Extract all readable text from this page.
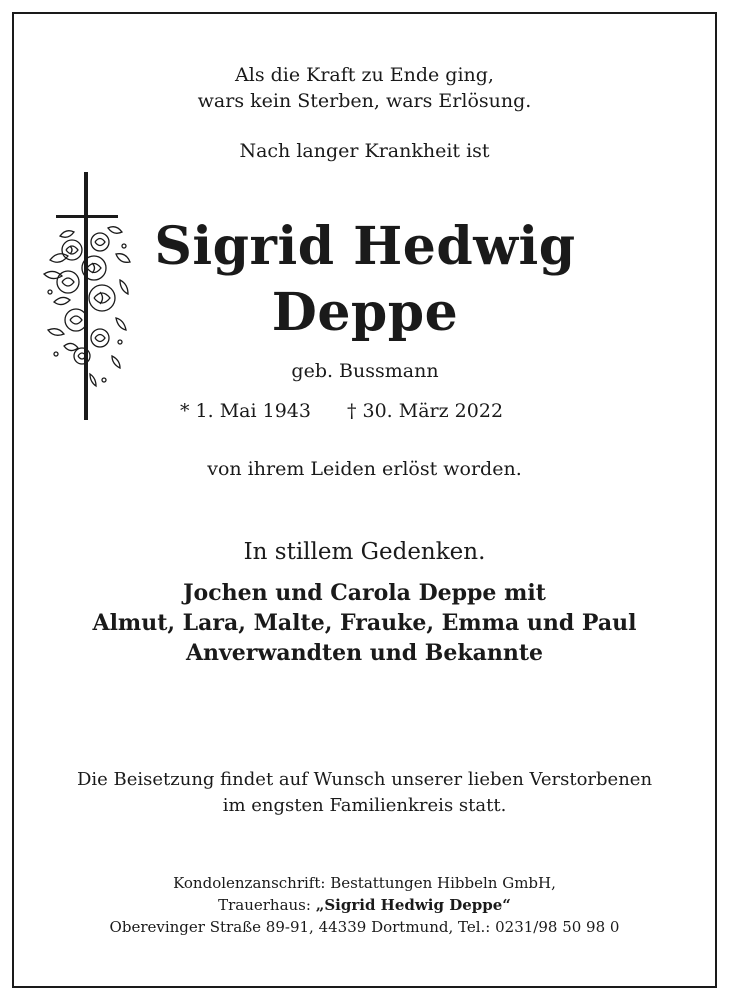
Als die Kraft zu Ende ging,
wars kein Sterben, wars Erlösung.
Nach langer Krankheit ist
Sigrid Hedwig
Deppe
geb. Bussmann
* 1. Mai 1943 † 30. März 2022
von ihrem Leiden erlöst worden.
In stillem Gedenken.
Jochen und Carola Deppe mit
Almut, Lara, Malte, Frauke, Emma und Paul
Anverwandten und Bekannte
Die Beisetzung findet auf Wunsch unserer lieben Verstorbenen
im engsten Familienkreis statt.
Kondolenzanschrift: Bestattungen Hibbeln GmbH,
Trauerhaus: „Sigrid Hedwig Deppe“
Oberevinger Straße 89-91, 44339 Dortmund, Tel.: 0231/98 50 98 0
